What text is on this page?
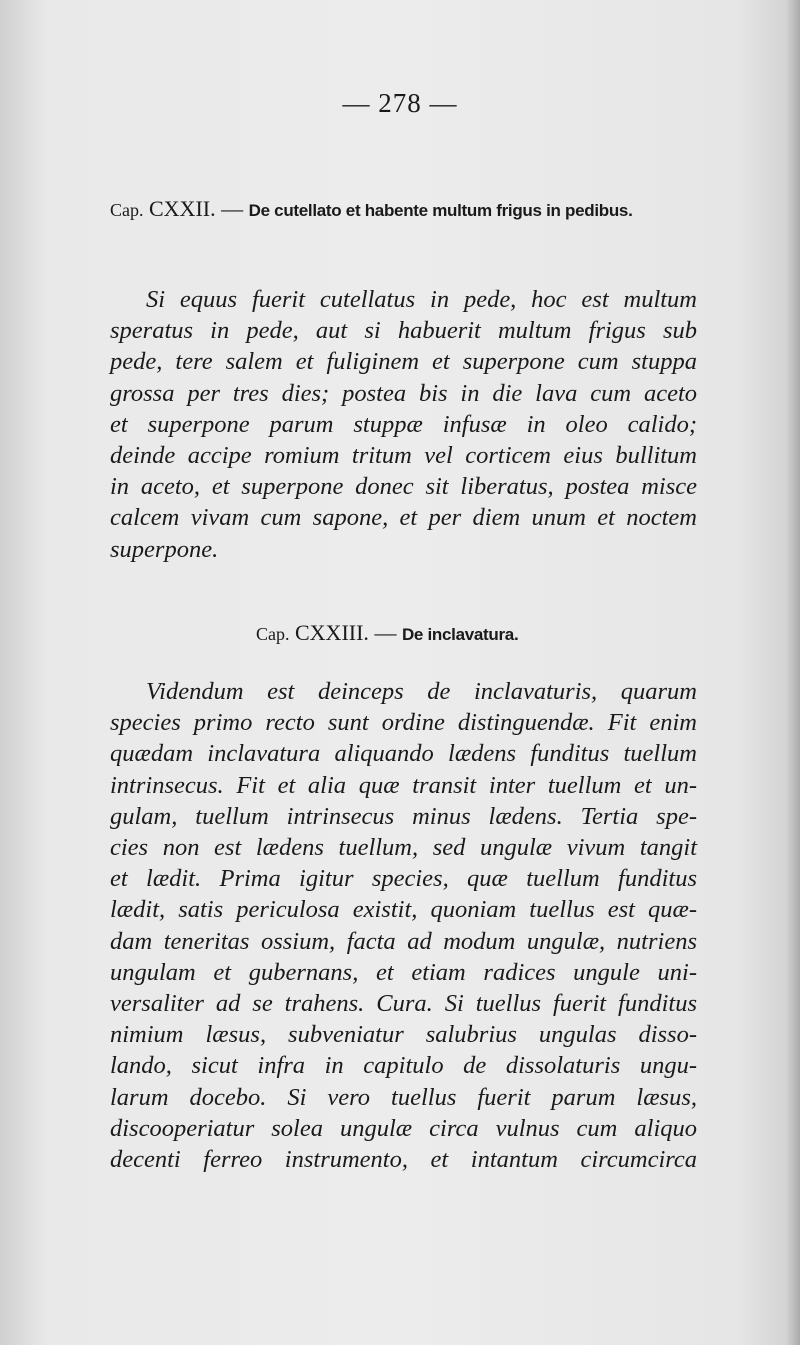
— 278 —
Cap. CXXII. — De cutellato et habente multum frigus in pedibus.
Si equus fuerit cutellatus in pede, hoc est multum
speratus in pede, aut si habuerit multum frigus sub
pede, tere salem et fuliginem et superpone cum stuppa
grossa per tres dies; postea bis in die lava cum aceto
et superpone parum stuppæ infusæ in oleo calido;
deinde accipe romium tritum vel corticem eius bullitum
in aceto, et superpone donec sit liberatus, postea misce
calcem vivam cum sapone, et per diem unum et noctem
superpone.
Cap. CXXIII. — De inclavatura.
Videndum est deinceps de inclavaturis, quarum
species primo recto sunt ordine distinguendæ. Fit enim
quædam inclavatura aliquando lædens funditus tuellum
intrinsecus. Fit et alia quæ transit inter tuellum et un-
gulam, tuellum intrinsecus minus lædens. Tertia spe-
cies non est lædens tuellum, sed ungulæ vivum tangit
et lædit. Prima igitur species, quæ tuellum funditus
lædit, satis periculosa existit, quoniam tuellus est quæ-
dam teneritas ossium, facta ad modum ungulæ, nutriens
ungulam et gubernans, et etiam radices ungule uni-
versaliter ad se trahens. Cura. Si tuellus fuerit funditus
nimium læsus, subveniatur salubrius ungulas disso-
lando, sicut infra in capitulo de dissolaturis ungu-
larum docebo. Si vero tuellus fuerit parum læsus,
discooperiatur solea ungulæ circa vulnus cum aliquo
decenti ferreo instrumento, et intantum circumcirca
